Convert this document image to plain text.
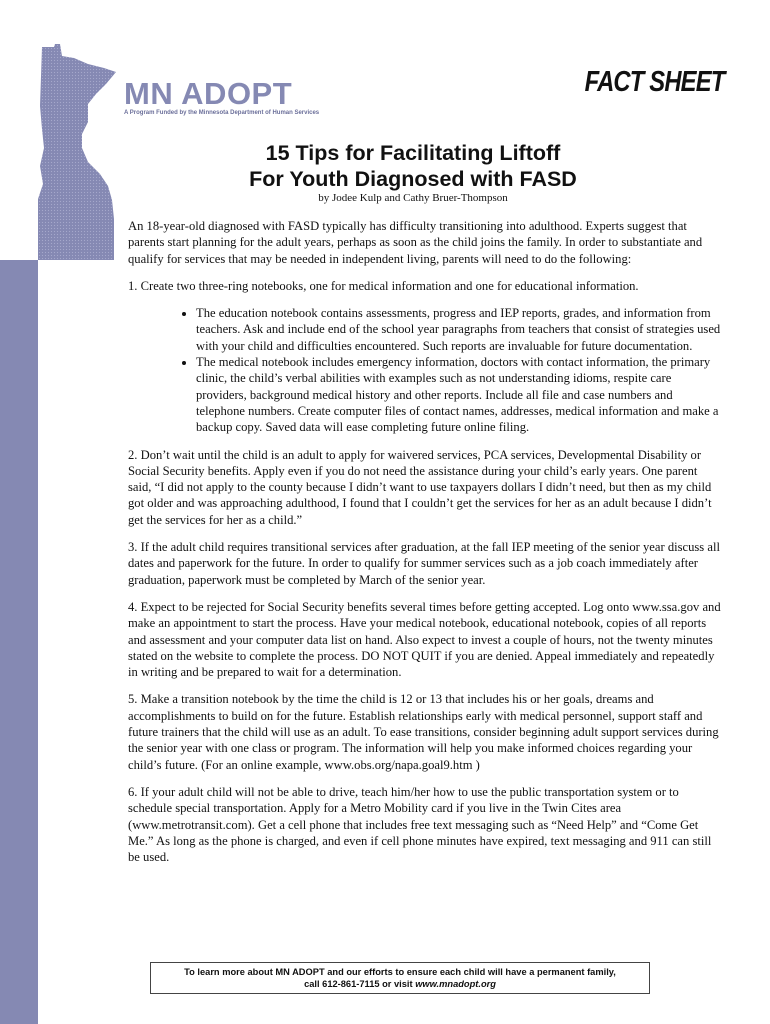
MN ADOPT
A Program Funded by the Minnesota Department of Human Services
FACT SHEET
15 Tips for Facilitating Liftoff
For Youth Diagnosed with FASD
by Jodee Kulp and Cathy Bruer-Thompson

An 18-year-old diagnosed with FASD typically has difficulty transitioning into adulthood. Experts suggest that parents start planning for the adult years, perhaps as soon as the child joins the family. In order to substantiate and qualify for services that may be needed in independent living, parents will need to do the following:

1. Create two three-ring notebooks, one for medical information and one for educational information.

• The education notebook contains assessments, progress and IEP reports, grades, and information from teachers. Ask and include end of the school year paragraphs from teachers that consist of strategies used with your child and difficulties encountered. Such reports are invaluable for future documentation.
• The medical notebook includes emergency information, doctors with contact information, the primary clinic, the child’s verbal abilities with examples such as not understanding idioms, respite care providers, background medical history and other reports. Include all file and case numbers and telephone numbers. Create computer files of contact names, addresses, medical information and make a backup copy. Saved data will ease completing future online filing.

2. Don’t wait until the child is an adult to apply for waivered services, PCA services, Developmental Disability or Social Security benefits. Apply even if you do not need the assistance during your child’s early years. One parent said, “I did not apply to the county because I didn’t want to use taxpayers dollars I didn’t need, but then as my child got older and was approaching adulthood, I found that I couldn’t get the services for her as an adult because I didn’t get the services for her as a child.”

3. If the adult child requires transitional services after graduation, at the fall IEP meeting of the senior year discuss all dates and paperwork for the future. In order to qualify for summer services such as a job coach immediately after graduation, paperwork must be completed by March of the senior year.

4. Expect to be rejected for Social Security benefits several times before getting accepted. Log onto www.ssa.gov and make an appointment to start the process. Have your medical notebook, educational notebook, copies of all reports and assessment and your computer data list on hand. Also expect to invest a couple of hours, not the twenty minutes stated on the website to complete the process. DO NOT QUIT if you are denied. Appeal immediately and repeatedly in writing and be prepared to wait for a determination.

5. Make a transition notebook by the time the child is 12 or 13 that includes his or her goals, dreams and accomplishments to build on for the future. Establish relationships early with medical personnel, support staff and future trainers that the child will use as an adult. To ease transitions, consider beginning adult support services during the senior year with one class or program. The information will help you make informed choices regarding your child’s future. (For an online example, www.obs.org/napa.goal9.htm )

6. If your adult child will not be able to drive, teach him/her how to use the public transportation system or to schedule special transportation. Apply for a Metro Mobility card if you live in the Twin Cites area (www.metrotransit.com). Get a cell phone that includes free text messaging such as “Need Help” and “Come Get Me.” As long as the phone is charged, and even if cell phone minutes have expired, text messaging and 911 can still be used.

To learn more about MN ADOPT and our efforts to ensure each child will have a permanent family,
call 612-861-7115 or visit www.mnadopt.org
